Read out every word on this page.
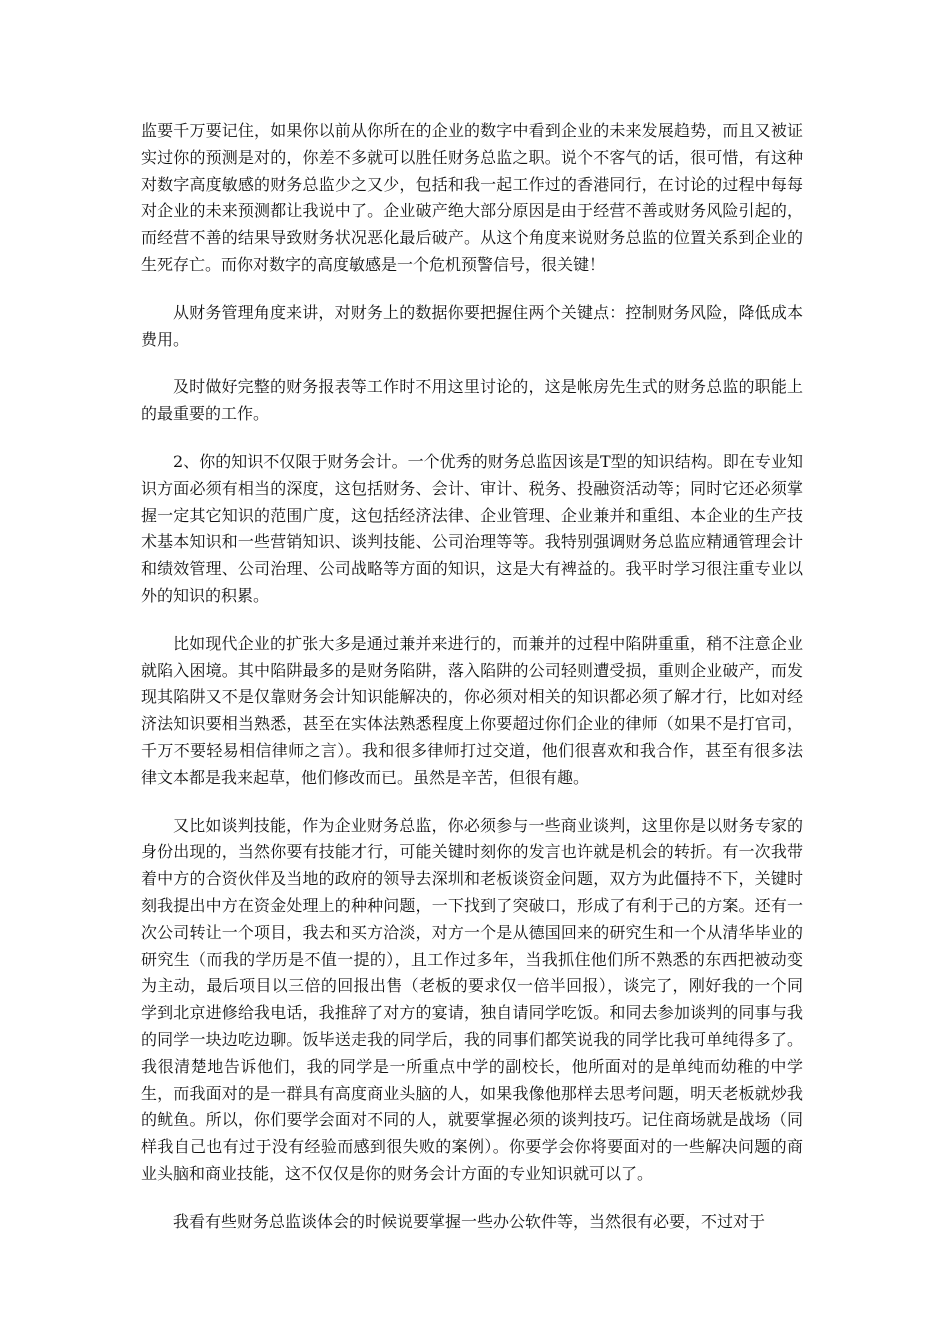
监要千万要记住，如果你以前从你所在的企业的数字中看到企业的未来发展趋势，而且又被证实过你的预测是对的，你差不多就可以胜任财务总监之职。说个不客气的话，很可惜，有这种对数字高度敏感的财务总监少之又少，包括和我一起工作过的香港同行，在讨论的过程中每每对企业的未来预测都让我说中了。企业破产绝大部分原因是由于经营不善或财务风险引起的，而经营不善的结果导致财务状况恶化最后破产。从这个角度来说财务总监的位置关系到企业的生死存亡。而你对数字的高度敏感是一个危机预警信号，很关键！

从财务管理角度来讲，对财务上的数据你要把握住两个关键点：控制财务风险，降低成本费用。

及时做好完整的财务报表等工作时不用这里讨论的，这是帐房先生式的财务总监的职能上的最重要的工作。

2、你的知识不仅限于财务会计。一个优秀的财务总监因该是T型的知识结构。即在专业知识方面必须有相当的深度，这包括财务、会计、审计、税务、投融资活动等；同时它还必须掌握一定其它知识的范围广度，这包括经济法律、企业管理、企业兼并和重组、本企业的生产技术基本知识和一些营销知识、谈判技能、公司治理等等。我特别强调财务总监应精通管理会计和绩效管理、公司治理、公司战略等方面的知识，这是大有裨益的。我平时学习很注重专业以外的知识的积累。

比如现代企业的扩张大多是通过兼并来进行的，而兼并的过程中陷阱重重，稍不注意企业就陷入困境。其中陷阱最多的是财务陷阱，落入陷阱的公司轻则遭受损，重则企业破产，而发现其陷阱又不是仅靠财务会计知识能解决的，你必须对相关的知识都必须了解才行，比如对经济法知识要相当熟悉，甚至在实体法熟悉程度上你要超过你们企业的律师（如果不是打官司，千万不要轻易相信律师之言）。我和很多律师打过交道，他们很喜欢和我合作，甚至有很多法律文本都是我来起草，他们修改而已。虽然是辛苦，但很有趣。

又比如谈判技能，作为企业财务总监，你必须参与一些商业谈判，这里你是以财务专家的身份出现的，当然你要有技能才行，可能关键时刻你的发言也许就是机会的转折。有一次我带着中方的合资伙伴及当地的政府的领导去深圳和老板谈资金问题，双方为此僵持不下，关键时刻我提出中方在资金处理上的种种问题，一下找到了突破口，形成了有利于己的方案。还有一次公司转让一个项目，我去和买方洽淡，对方一个是从德国回来的研究生和一个从清华毕业的研究生（而我的学历是不值一提的），且工作过多年，当我抓住他们所不熟悉的东西把被动变为主动，最后项目以三倍的回报出售（老板的要求仅一倍半回报），谈完了，刚好我的一个同学到北京进修给我电话，我推辞了对方的宴请，独自请同学吃饭。和同去参加谈判的同事与我的同学一块边吃边聊。饭毕送走我的同学后，我的同事们都笑说我的同学比我可单纯得多了。我很清楚地告诉他们，我的同学是一所重点中学的副校长，他所面对的是单纯而幼稚的中学生，而我面对的是一群具有高度商业头脑的人，如果我像他那样去思考问题，明天老板就炒我的鱿鱼。所以，你们要学会面对不同的人，就要掌握必须的谈判技巧。记住商场就是战场（同样我自己也有过于没有经验而感到很失败的案例）。你要学会你将要面对的一些解决问题的商业头脑和商业技能，这不仅仅是你的财务会计方面的专业知识就可以了。

我看有些财务总监谈体会的时候说要掌握一些办公软件等，当然很有必要，不过对于
